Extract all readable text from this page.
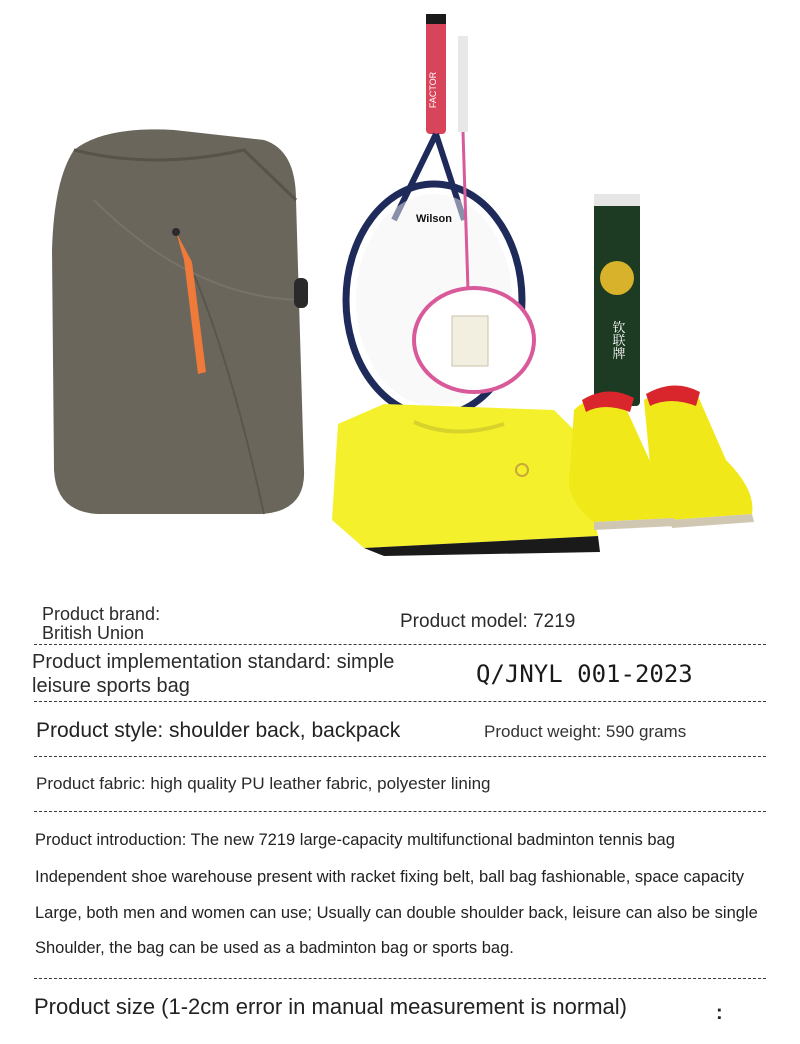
FACTOR
Wilson
钦联牌
Product brand:
British Union
Product model: 7219
Product implementation standard: simple leisure sports bag	Q/JNYL 001-2023
Product style: shoulder back, backpack	Product weight: 590 grams
Product fabric: high quality PU leather fabric, polyester lining
Product introduction: The new 7219 large-capacity multifunctional badminton tennis bag
Independent shoe warehouse present with racket fixing belt, ball bag fashionable, space capacity
Large, both men and women can use; Usually can double shoulder back, leisure can also be single
Shoulder, the bag can be used as a badminton bag or sports bag.
Product size (1-2cm error in manual measurement is normal)	:
